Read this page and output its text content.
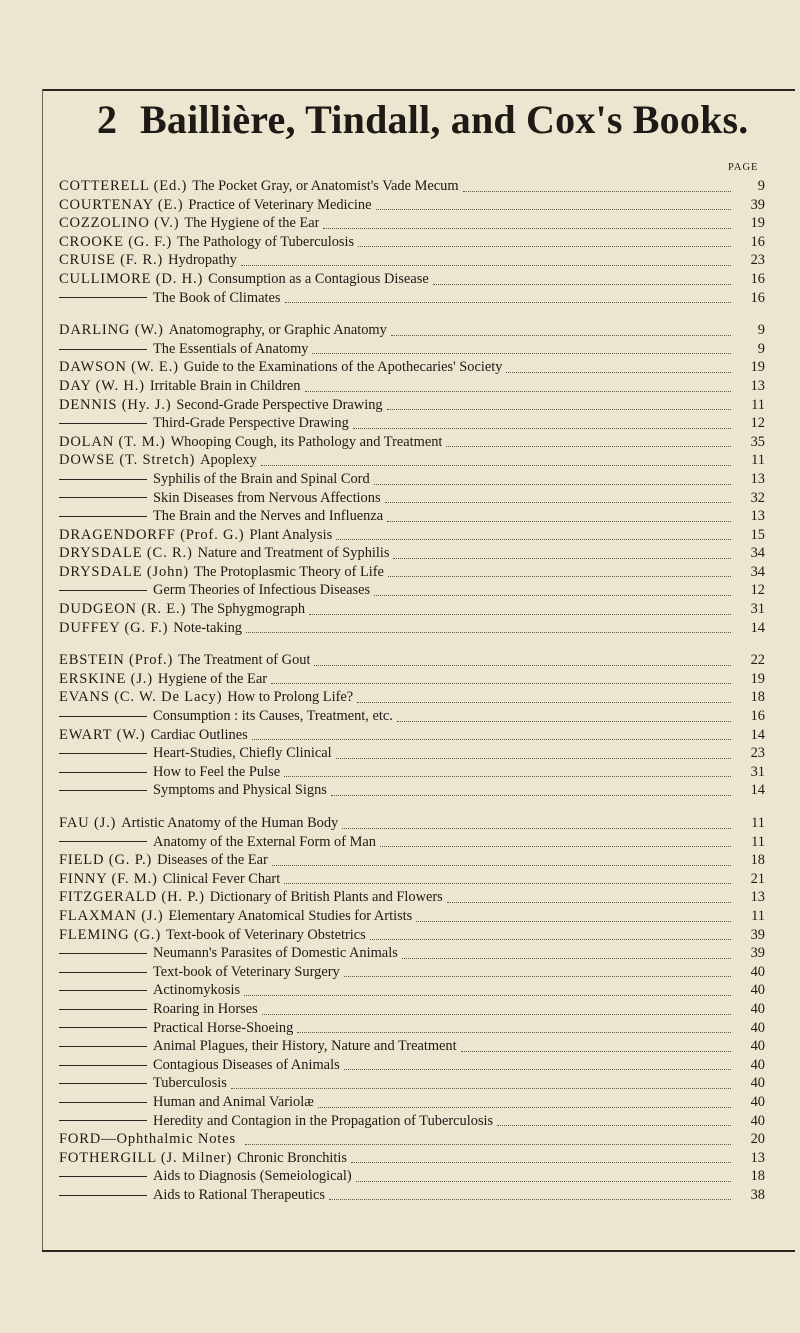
2 Baillière, Tindall, and Cox's Books.
PAGE
COTTERELL (Ed.) The Pocket Gray, or Anatomist's Vade Mecum	9
COURTENAY (E.) Practice of Veterinary Medicine	39
COZZOLINO (V.) The Hygiene of the Ear	19
CROOKE (G. F.) The Pathology of Tuberculosis	16
CRUISE (F. R.) Hydropathy	23
CULLIMORE (D. H.) Consumption as a Contagious Disease	16
The Book of Climates	16
DARLING (W.) Anatomography, or Graphic Anatomy	9
The Essentials of Anatomy	9
DAWSON (W. E.) Guide to the Examinations of the Apothecaries' Society	19
DAY (W. H.) Irritable Brain in Children	13
DENNIS (Hy. J.) Second-Grade Perspective Drawing	11
Third-Grade Perspective Drawing	12
DOLAN (T. M.) Whooping Cough, its Pathology and Treatment	35
DOWSE (T. Stretch) Apoplexy	11
Syphilis of the Brain and Spinal Cord	13
Skin Diseases from Nervous Affections	32
The Brain and the Nerves and Influenza	13
DRAGENDORFF (Prof. G.) Plant Analysis	15
DRYSDALE (C. R.) Nature and Treatment of Syphilis	34
DRYSDALE (John) The Protoplasmic Theory of Life	34
Germ Theories of Infectious Diseases	12
DUDGEON (R. E.) The Sphygmograph	31
DUFFEY (G. F.) Note-taking	14
EBSTEIN (Prof.) The Treatment of Gout	22
ERSKINE (J.) Hygiene of the Ear	19
EVANS (C. W. De Lacy) How to Prolong Life?	18
Consumption : its Causes, Treatment, etc.	16
EWART (W.) Cardiac Outlines	14
Heart-Studies, Chiefly Clinical	23
How to Feel the Pulse	31
Symptoms and Physical Signs	14
FAU (J.) Artistic Anatomy of the Human Body	11
Anatomy of the External Form of Man	11
FIELD (G. P.) Diseases of the Ear	18
FINNY (F. M.) Clinical Fever Chart	21
FITZGERALD (H. P.) Dictionary of British Plants and Flowers	13
FLAXMAN (J.) Elementary Anatomical Studies for Artists	11
FLEMING (G.) Text-book of Veterinary Obstetrics	39
Neumann's Parasites of Domestic Animals	39
Text-book of Veterinary Surgery	40
Actinomykosis	40
Roaring in Horses	40
Practical Horse-Shoeing	40
Animal Plagues, their History, Nature and Treatment	40
Contagious Diseases of Animals	40
Tuberculosis	40
Human and Animal Variolæ	40
Heredity and Contagion in the Propagation of Tuberculosis	40
FORD—Ophthalmic Notes	20
FOTHERGILL (J. Milner) Chronic Bronchitis	13
Aids to Diagnosis (Semeiological)	18
Aids to Rational Therapeutics	38
